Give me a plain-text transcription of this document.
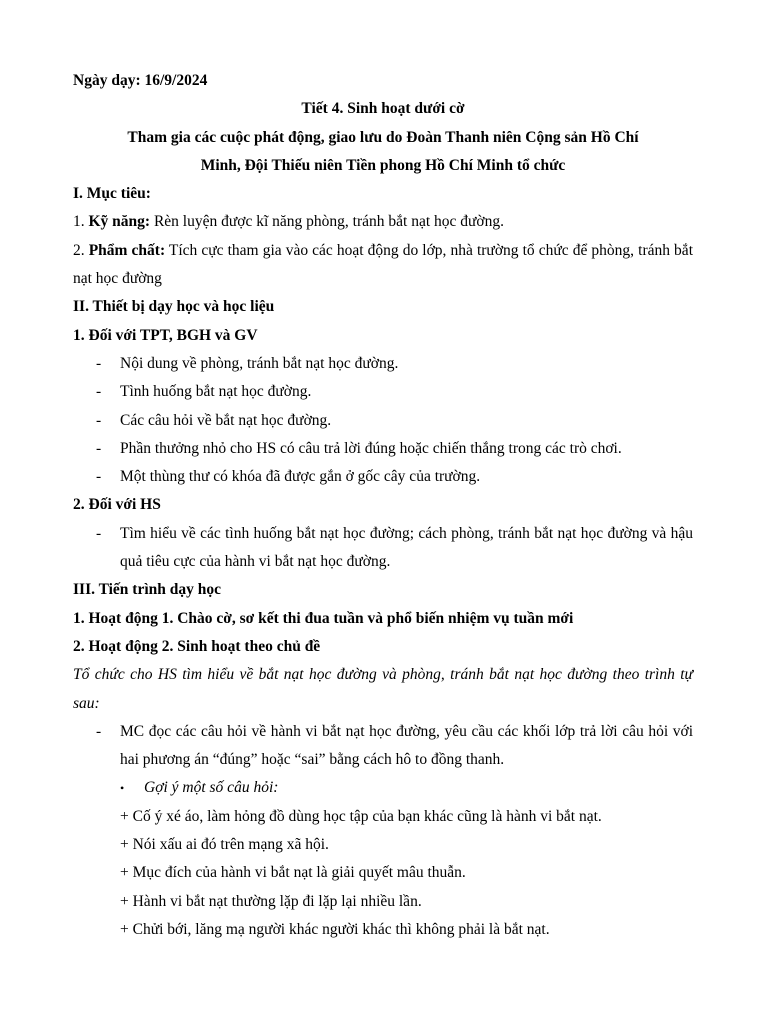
Ngày dạy: 16/9/2024
Tiết 4. Sinh hoạt dưới cờ
Tham gia các cuộc phát động, giao lưu do Đoàn Thanh niên Cộng sản Hồ Chí
Minh, Đội Thiếu niên Tiền phong Hồ Chí Minh tổ chức
I. Mục tiêu:
1. Kỹ năng: Rèn luyện được kĩ năng phòng, tránh bắt nạt học đường.
2. Phẩm chất: Tích cực tham gia vào các hoạt động do lớp, nhà trường tổ chức để phòng, tránh bắt nạt học đường
II. Thiết bị dạy học và học liệu
1. Đối với TPT, BGH và GV
-	Nội dung về phòng, tránh bắt nạt học đường.
-	Tình huống bắt nạt học đường.
-	Các câu hỏi về bắt nạt học đường.
-	Phần thưởng nhỏ cho HS có câu trả lời đúng hoặc chiến thắng trong các trò chơi.
-	Một thùng thư có khóa đã được gắn ở gốc cây của trường.
2. Đối với HS
-	Tìm hiểu về các tình huống bắt nạt học đường; cách phòng, tránh bắt nạt học đường và hậu quả tiêu cực của hành vi bắt nạt học đường.
III. Tiến trình dạy học
1. Hoạt động 1. Chào cờ, sơ kết thi đua tuần và phổ biến nhiệm vụ tuần mới
2. Hoạt động 2. Sinh hoạt theo chủ đề
Tổ chức cho HS tìm hiểu về bắt nạt học đường và phòng, tránh bắt nạt học đường theo trình tự sau:
-	MC đọc các câu hỏi về hành vi bắt nạt học đường, yêu cầu các khối lớp trả lời câu hỏi với hai phương án “đúng” hoặc “sai” bằng cách hô to đồng thanh.
•	Gợi ý một số câu hỏi:
+ Cố ý xé áo, làm hỏng đồ dùng học tập của bạn khác cũng là hành vi bắt nạt.
+ Nói xấu ai đó trên mạng xã hội.
+ Mục đích của hành vi bắt nạt là giải quyết mâu thuẫn.
+ Hành vi bắt nạt thường lặp đi lặp lại nhiều lần.
+ Chửi bới, lăng mạ người khác người khác thì không phải là bắt nạt.
